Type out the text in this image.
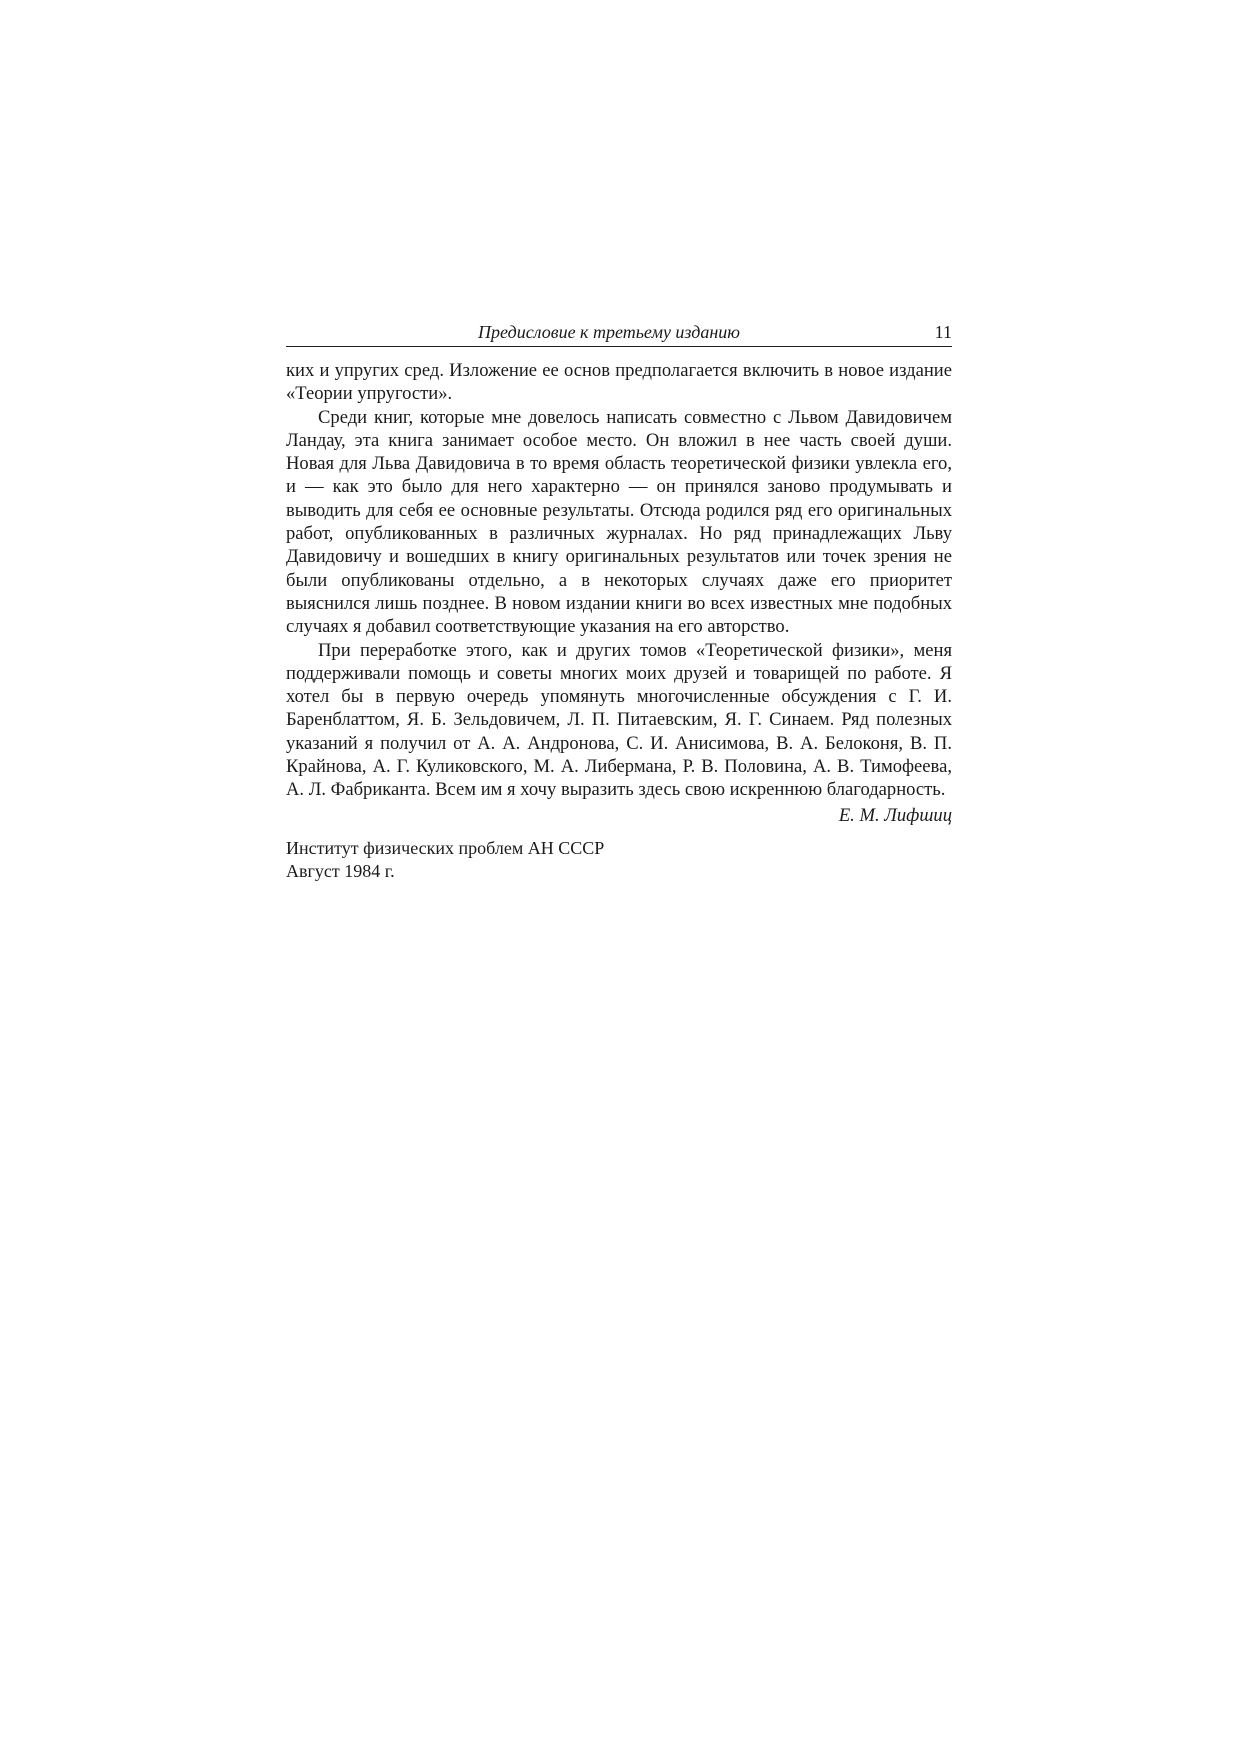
Предисловие к третьему изданию	11

ких и упругих сред. Изложение ее основ предполагается включить в новое издание «Теории упругости».

Среди книг, которые мне довелось написать совместно с Львом Давидовичем Ландау, эта книга занимает особое место. Он вложил в нее часть своей души. Новая для Льва Давидовича в то время область теоретической физики увлекла его, и — как это было для него характерно — он принялся заново продумывать и выводить для себя ее основные результаты. Отсюда родился ряд его оригинальных работ, опубликованных в различных журналах. Но ряд принадлежащих Льву Давидовичу и вошедших в книгу оригинальных результатов или точек зрения не были опубликованы отдельно, а в некоторых случаях даже его приоритет выяснился лишь позднее. В новом издании книги во всех известных мне подобных случаях я добавил соответствующие указания на его авторство.

При переработке этого, как и других томов «Теоретической физики», меня поддерживали помощь и советы многих моих друзей и товарищей по работе. Я хотел бы в первую очередь упомянуть многочисленные обсуждения с Г. И. Баренблаттом, Я. Б. Зельдовичем, Л. П. Питаевским, Я. Г. Синаем. Ряд полезных указаний я получил от А. А. Андронова, С. И. Анисимова, В. А. Белоконя, В. П. Крайнова, А. Г. Куликовского, М. А. Либермана, Р. В. Половина, А. В. Тимофеева, А. Л. Фабриканта. Всем им я хочу выразить здесь свою искреннюю благодарность.

Е. М. Лифшиц
Институт физических проблем АН СССР
Август 1984 г.
